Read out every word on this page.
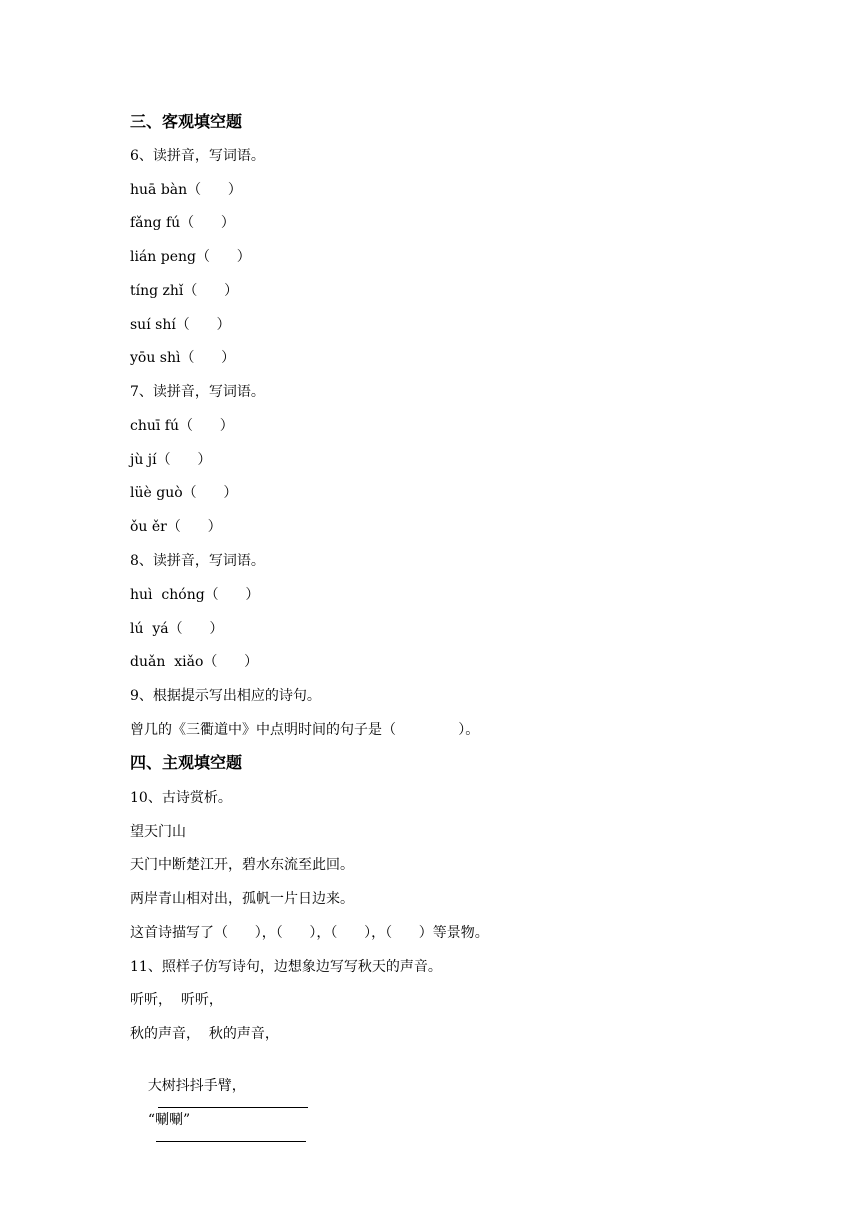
三、客观填空题
6、读拼音，写词语。
huā bàn（      ）
fǎng fú（      ）
lián peng（      ）
tíng zhǐ（      ）
suí shí（      ）
yōu shì（      ）
7、读拼音，写词语。
chuī fú（      ）
jù jí（      ）
lüè guò（      ）
ǒu ěr（      ）
8、读拼音，写词语。
huì  chóng（      ）
lú  yá（      ）
duǎn  xiǎo（      ）
9、根据提示写出相应的诗句。
曾几的《三衢道中》中点明时间的句子是（              ）。
四、主观填空题
10、古诗赏析。
望天门山
天门中断楚江开，碧水东流至此回。
两岸青山相对出，孤帆一片日边来。
这首诗描写了（      ），（      ），（      ），（      ）等景物。
11、照样子仿写诗句，边想象边写写秋天的声音。
听听，  听听，
秋的声音，  秋的声音，

大树抖抖手臂，

“唰唰”
